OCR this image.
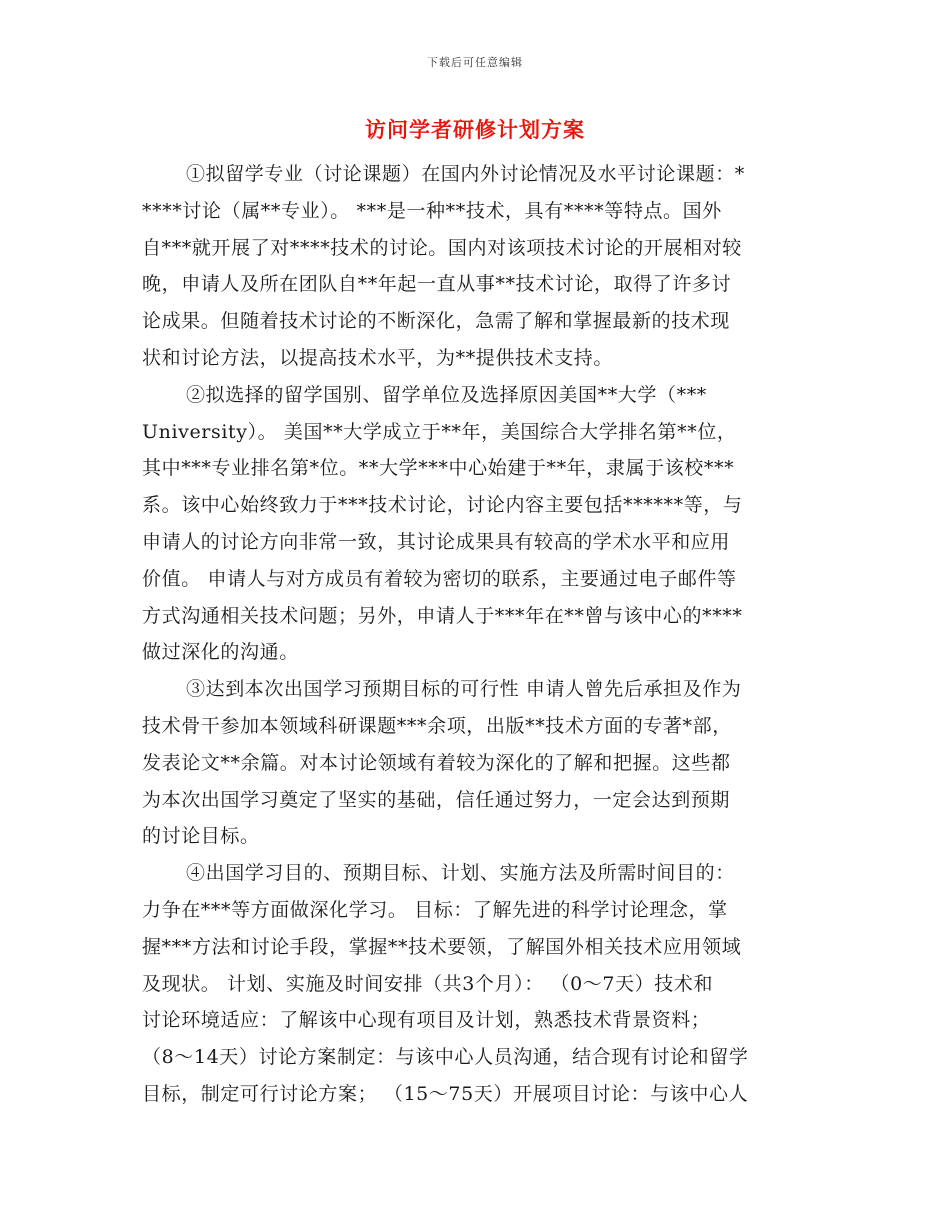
下载后可任意编辑
访问学者研修计划方案
①拟留学专业（讨论课题）在国内外讨论情况及水平讨论课题：*
****讨论（属**专业）。 ***是一种**技术，具有****等特点。国外
自***就开展了对****技术的讨论。国内对该项技术讨论的开展相对较
晚，申请人及所在团队自**年起一直从事**技术讨论，取得了许多讨
论成果。但随着技术讨论的不断深化，急需了解和掌握最新的技术现
状和讨论方法，以提高技术水平，为**提供技术支持。
②拟选择的留学国别、留学单位及选择原因美国**大学（***
University）。 美国**大学成立于**年，美国综合大学排名第**位，
其中***专业排名第*位。**大学***中心始建于**年，隶属于该校***
系。该中心始终致力于***技术讨论，讨论内容主要包括******等，与
申请人的讨论方向非常一致，其讨论成果具有较高的学术水平和应用
价值。 申请人与对方成员有着较为密切的联系，主要通过电子邮件等
方式沟通相关技术问题；另外，申请人于***年在**曾与该中心的****
做过深化的沟通。
③达到本次出国学习预期目标的可行性 申请人曾先后承担及作为
技术骨干参加本领域科研课题***余项，出版**技术方面的专著*部，
发表论文**余篇。对本讨论领域有着较为深化的了解和把握。这些都
为本次出国学习奠定了坚实的基础，信任通过努力，一定会达到预期
的讨论目标。
④出国学习目的、预期目标、计划、实施方法及所需时间目的：
力争在***等方面做深化学习。 目标：了解先进的科学讨论理念，掌
握***方法和讨论手段，掌握**技术要领，了解国外相关技术应用领域
及现状。 计划、实施及时间安排（共3个月）： （0～7天）技术和
讨论环境适应：了解该中心现有项目及计划，熟悉技术背景资料；
（8～14天）讨论方案制定：与该中心人员沟通，结合现有讨论和留学
目标，制定可行讨论方案； （15～75天）开展项目讨论：与该中心人
